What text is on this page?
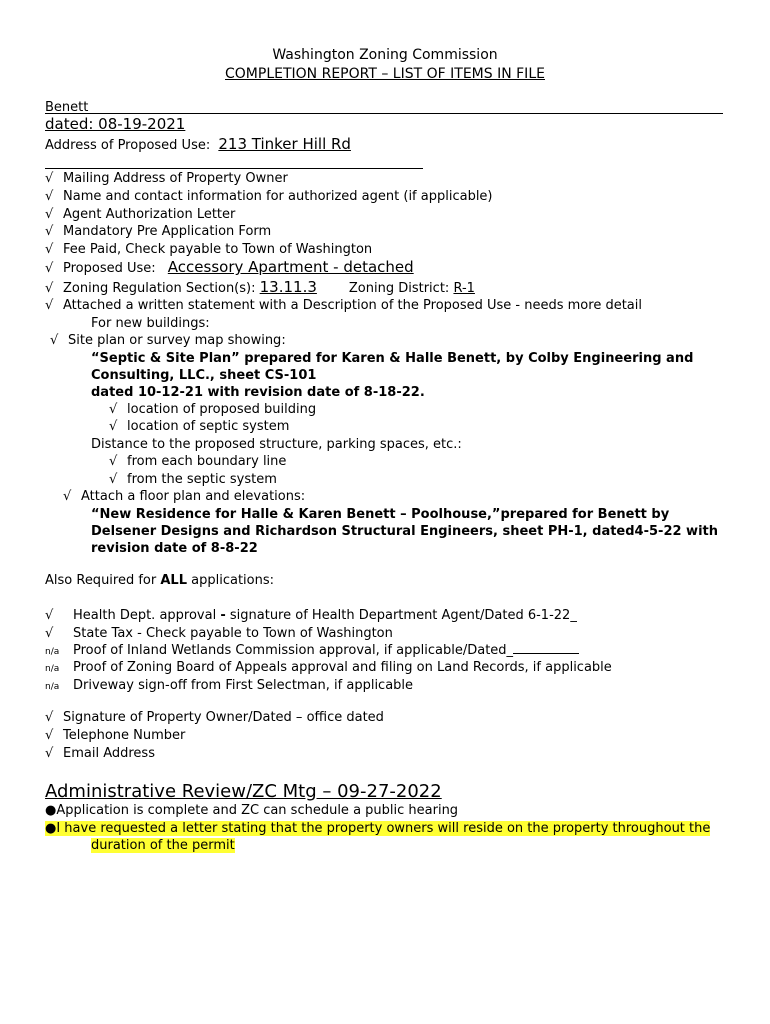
Washington Zoning Commission
COMPLETION REPORT – LIST OF ITEMS IN FILE
Benett
dated: 08-19-2021
Address of Proposed Use: 213 Tinker Hill Rd
√ Mailing Address of Property Owner
√ Name and contact information for authorized agent (if applicable)
√ Agent Authorization Letter
√ Mandatory Pre Application Form
√ Fee Paid, Check payable to Town of Washington
√ Proposed Use: Accessory Apartment - detached
√ Zoning Regulation Section(s): 13.11.3 Zoning District: R-1
√ Attached a written statement with a Description of the Proposed Use - needs more detail
For new buildings:
√ Site plan or survey map showing:
“Septic & Site Plan” prepared for Karen & Halle Benett, by Colby Engineering and
Consulting, LLC., sheet CS-101
dated 10-12-21 with revision date of 8-18-22.
√ location of proposed building
√ location of septic system
Distance to the proposed structure, parking spaces, etc.:
√ from each boundary line
√ from the septic system
√ Attach a floor plan and elevations:
“New Residence for Halle & Karen Benett – Poolhouse,”prepared for Benett by
Delsener Designs and Richardson Structural Engineers, sheet PH-1, dated4-5-22 with
revision date of 8-8-22
Also Required for ALL applications:
√ Health Dept. approval - signature of Health Department Agent/Dated 6-1-22_
√ State Tax - Check payable to Town of Washington
n/a Proof of Inland Wetlands Commission approval, if applicable/Dated_
n/a Proof of Zoning Board of Appeals approval and filing on Land Records, if applicable
n/a Driveway sign-off from First Selectman, if applicable
√ Signature of Property Owner/Dated – office dated
√ Telephone Number
√ Email Address
Administrative Review/ZC Mtg – 09-27-2022
●Application is complete and ZC can schedule a public hearing
●I have requested a letter stating that the property owners will reside on the property throughout the
duration of the permit
